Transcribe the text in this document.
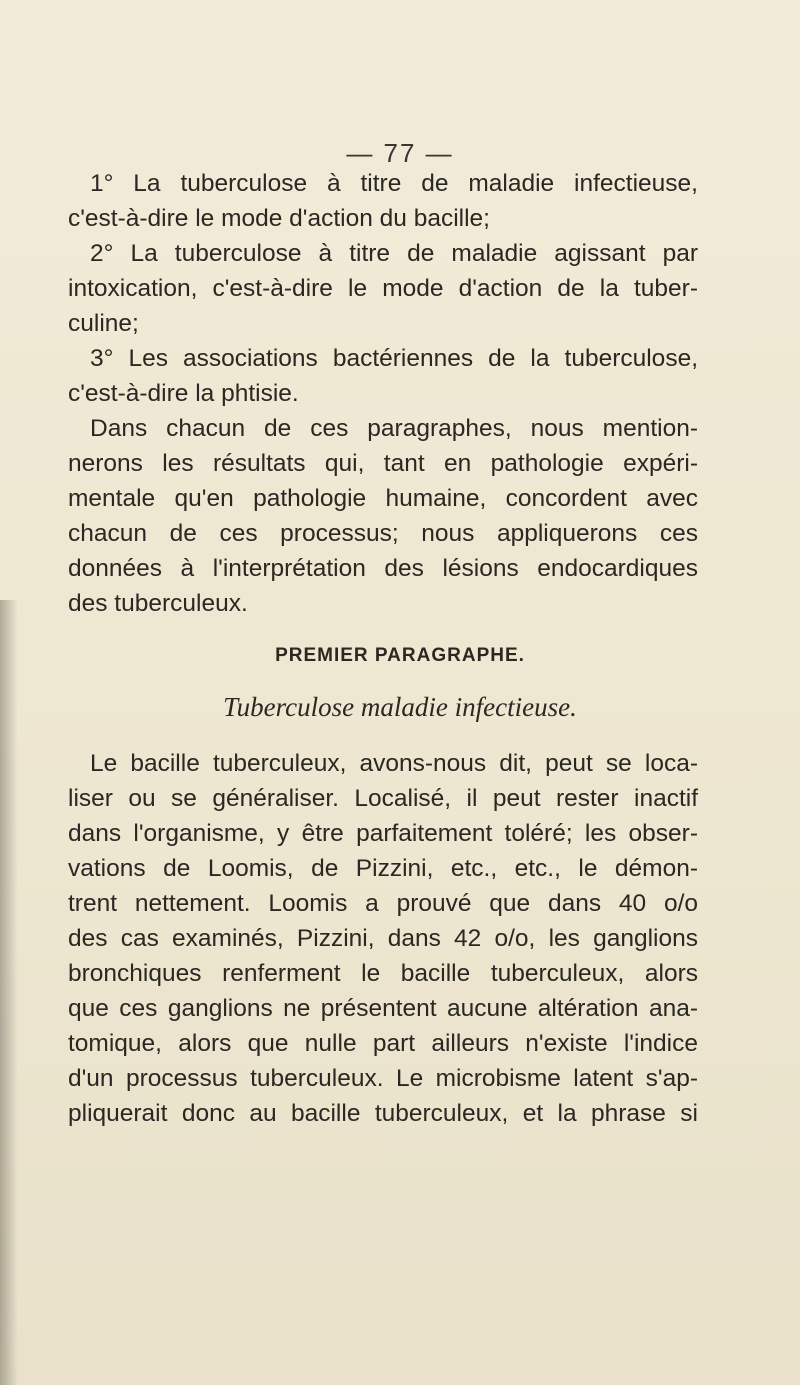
— 77 —
1° La tuberculose à titre de maladie infectieuse,
c'est-à-dire le mode d'action du bacille;
2° La tuberculose à titre de maladie agissant par
intoxication, c'est-à-dire le mode d'action de la tuber-
culine;
3° Les associations bactériennes de la tuberculose,
c'est-à-dire la phtisie.
Dans chacun de ces paragraphes, nous mention-
nerons les résultats qui, tant en pathologie expéri-
mentale qu'en pathologie humaine, concordent avec
chacun de ces processus; nous appliquerons ces
données à l'interprétation des lésions endocardiques
des tuberculeux.
PREMIER PARAGRAPHE.
Tuberculose maladie infectieuse.
Le bacille tuberculeux, avons-nous dit, peut se loca-
liser ou se généraliser. Localisé, il peut rester inactif
dans l'organisme, y être parfaitement toléré; les obser-
vations de Loomis, de Pizzini, etc., etc., le démon-
trent nettement. Loomis a prouvé que dans 40 o/o
des cas examinés, Pizzini, dans 42 o/o, les ganglions
bronchiques renferment le bacille tuberculeux, alors
que ces ganglions ne présentent aucune altération ana-
tomique, alors que nulle part ailleurs n'existe l'indice
d'un processus tuberculeux. Le microbisme latent s'ap-
pliquerait donc au bacille tuberculeux, et la phrase si
